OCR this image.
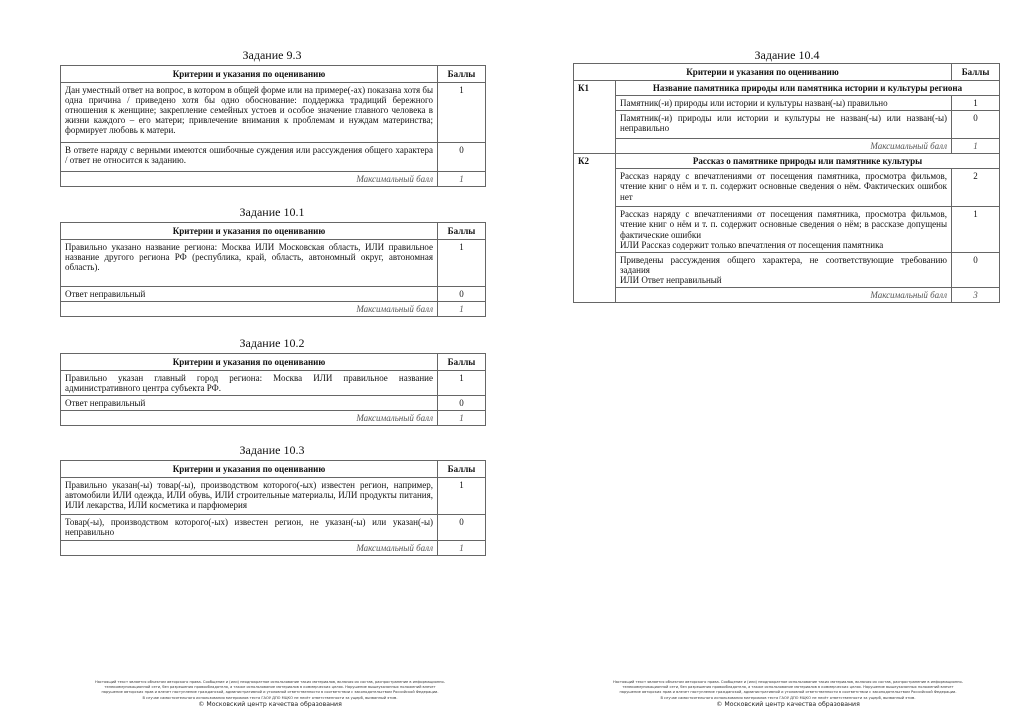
Задание 9.3
Критерии и указания по оцениванию	Баллы
Дан уместный ответ на вопрос, в котором в общей форме или на примере(-ах) показана хотя бы одна причина / приведено хотя бы одно обоснование: поддержка традиций бережного отношения к женщине; закрепление семейных устоев и особое значение главного человека в жизни каждого – его матери; привлечение внимания к проблемам и нуждам материнства; формирует любовь к матери.	1
В ответе наряду с верными имеются ошибочные суждения или рассуждения общего характера / ответ не относится к заданию.	0
Максимальный балл	1
Задание 10.1
Критерии и указания по оцениванию	Баллы
Правильно указано название региона: Москва ИЛИ Московская область, ИЛИ правильное название другого региона РФ (республика, край, область, автономный округ, автономная область).	1
Ответ неправильный	0
Максимальный балл	1
Задание 10.2
Критерии и указания по оцениванию	Баллы
Правильно указан главный город региона: Москва ИЛИ правильное название административного центра субъекта РФ.	1
Ответ неправильный	0
Максимальный балл	1
Задание 10.3
Критерии и указания по оцениванию	Баллы
Правильно указан(-ы) товар(-ы), производством которого(-ых) известен регион, например, автомобили ИЛИ одежда, ИЛИ обувь, ИЛИ строительные материалы, ИЛИ продукты питания, ИЛИ лекарства, ИЛИ косметика и парфюмерия	1
Товар(-ы), производством которого(-ых) известен регион, не указан(-ы) или указан(-ы) неправильно	0
Максимальный балл	1
Настоящий текст является объектом авторского права. Сообщение и (или) неоднократное использование таких материалов, включая их состав, распространение в информационно-
телекоммуникационной сети, без разрешения правообладателя, а также использование материалов в коммерческих целях. Нарушение вышеуказанных положений влечет
нарушение авторских прав и влечет наступление гражданской, административной и уголовной ответственности в соответствии с законодательством Российской Федерации.
В случае самостоятельного использования материалов теста ГАОУ ДПО МЦКО не несёт ответственности за ущерб, вызванный этим.
© Московский центр качества образования
Задание 10.4
Критерии и указания по оцениванию		Баллы
К1	Название памятника природы или памятника истории и культуры региона	
	Памятник(-и) природы или истории и культуры назван(-ы) правильно	1
	Памятник(-и) природы или истории и культуры не назван(-ы) или назван(-ы) неправильно	0
	Максимальный балл	1
К2	Рассказ о памятнике природы или памятнике культуры	
	Рассказ наряду с впечатлениями от посещения памятника, просмотра фильмов, чтение книг о нём и т. п. содержит основные сведения о нём. Фактических ошибок нет	2

	Рассказ наряду с впечатлениями от посещения памятника, просмотра фильмов, чтение книг о нём и т. п. содержит основные сведения о нём; в рассказе допущены фактические ошибки
ИЛИ Рассказ содержит только впечатления от посещения памятника	1

	Приведены рассуждения общего характера, не соответствующие требованию задания
ИЛИ Ответ неправильный	0
	Максимальный балл	3
Настоящий текст является объектом авторского права. Сообщение и (или) неоднократное использование таких материалов, включая их состав, распространение в информационно-
телекоммуникационной сети, без разрешения правообладателя, а также использование материалов в коммерческих целях. Нарушение вышеуказанных положений влечет
нарушение авторских прав и влечет наступление гражданской, административной и уголовной ответственности в соответствии с законодательством Российской Федерации.
В случае самостоятельного использования материалов теста ГАОУ ДПО МЦКО не несёт ответственности за ущерб, вызванный этим.
© Московский центр качества образования
